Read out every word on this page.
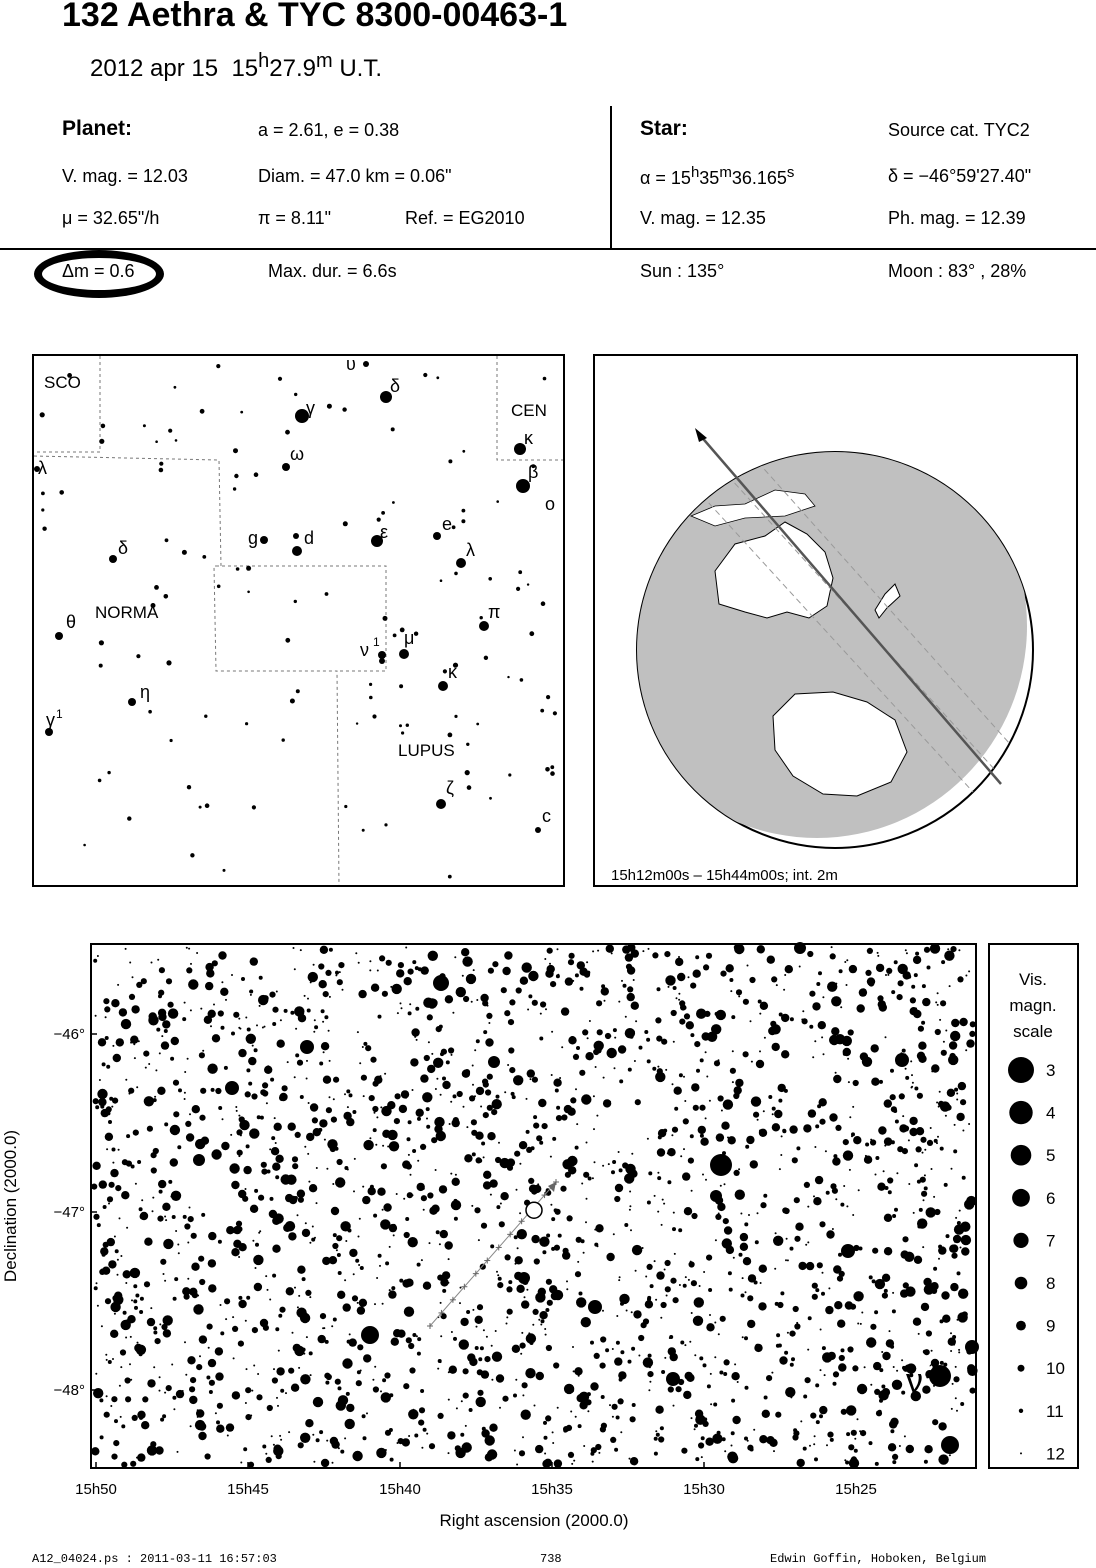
132 Aethra & TYC 8300-00463-1
2012 apr 15 15$^h$27.9$^m$ U.T.
Planet:	a = 2.61, e = 0.38
V. mag. = 12.03	Diam. = 47.0 km = 0.06"
μ = 32.65"/h	π = 8.11"	Ref. = EG2010
Star:	Source cat. TYC2
$\alpha = 15^h35^m36.165^s$	δ = −46°59'27.40"
V. mag. = 12.35	Ph. mag. = 12.39
Δm = 0.6	Max. dur. = 6.6s	Sun : 135°	Moon : 83° , 28%
SCO
CEN
NORMA
LUPUS
υ
δ
γ
κ
ω
β
λ
o
δ	g	d	ε	e
λ
θ	π
ν 1 μ
κ
η
γ 1
ζ
c
15h12m00s – 15h44m00s; int. 2m
15h50	15h45	15h40	15h35	15h30	15h25
−46°
−47°
−48°	ν 1
Right ascension (2000.0)
Declination (2000.0)
Vis.
magn.
scale
3
4
5
6
7
8
9
10
11
12
A12_04024.ps : 2011-03-11 16:57:03	738	Edwin Goffin, Hoboken, Belgium
